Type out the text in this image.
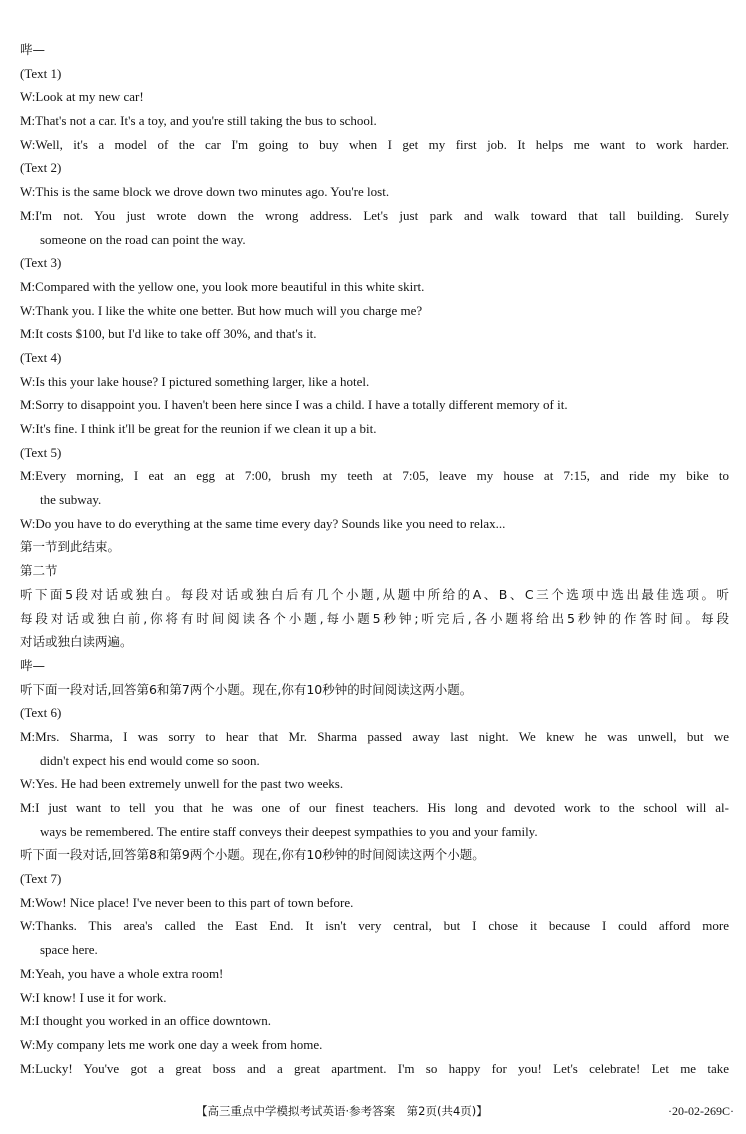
哔—
(Text 1)
W:Look at my new car!
M:That's not a car. It's a toy, and you're still taking the bus to school.
W:Well, it's a model of the car I'm going to buy when I get my first job. It helps me want to work harder.
(Text 2)
W:This is the same block we drove down two minutes ago. You're lost.
M:I'm not. You just wrote down the wrong address. Let's just park and walk toward that tall building. Surely
someone on the road can point the way.
(Text 3)
M:Compared with the yellow one, you look more beautiful in this white skirt.
W:Thank you. I like the white one better. But how much will you charge me?
M:It costs $100, but I'd like to take off 30%, and that's it.
(Text 4)
W:Is this your lake house? I pictured something larger, like a hotel.
M:Sorry to disappoint you. I haven't been here since I was a child. I have a totally different memory of it.
W:It's fine. I think it'll be great for the reunion if we clean it up a bit.
(Text 5)
M:Every morning, I eat an egg at 7:00, brush my teeth at 7:05, leave my house at 7:15, and ride my bike to
the subway.
W:Do you have to do everything at the same time every day? Sounds like you need to relax...
第一节到此结束。
第二节
听下面5段对话或独白。每段对话或独白后有几个小题,从题中所给的A、B、C三个选项中选出最佳选项。听
每段对话或独白前,你将有时间阅读各个小题,每小题5秒钟;听完后,各小题将给出5秒钟的作答时间。每段
对话或独白读两遍。
哔—
听下面一段对话,回答第6和第7两个小题。现在,你有10秒钟的时间阅读这两小题。
(Text 6)
M:Mrs. Sharma, I was sorry to hear that Mr. Sharma passed away last night. We knew he was unwell, but we
didn't expect his end would come so soon.
W:Yes. He had been extremely unwell for the past two weeks.
M:I just want to tell you that he was one of our finest teachers. His long and devoted work to the school will al-
ways be remembered. The entire staff conveys their deepest sympathies to you and your family.
听下面一段对话,回答第8和第9两个小题。现在,你有10秒钟的时间阅读这两个小题。
(Text 7)
M:Wow! Nice place! I've never been to this part of town before.
W:Thanks. This area's called the East End. It isn't very central, but I chose it because I could afford more
space here.
M:Yeah, you have a whole extra room!
W:I know! I use it for work.
M:I thought you worked in an office downtown.
W:My company lets me work one day a week from home.
M:Lucky! You've got a great boss and a great apartment. I'm so happy for you! Let's celebrate! Let me take
【高三重点中学模拟考试英语·参考答案　第2页(共4页)】	·20-02-269C·
